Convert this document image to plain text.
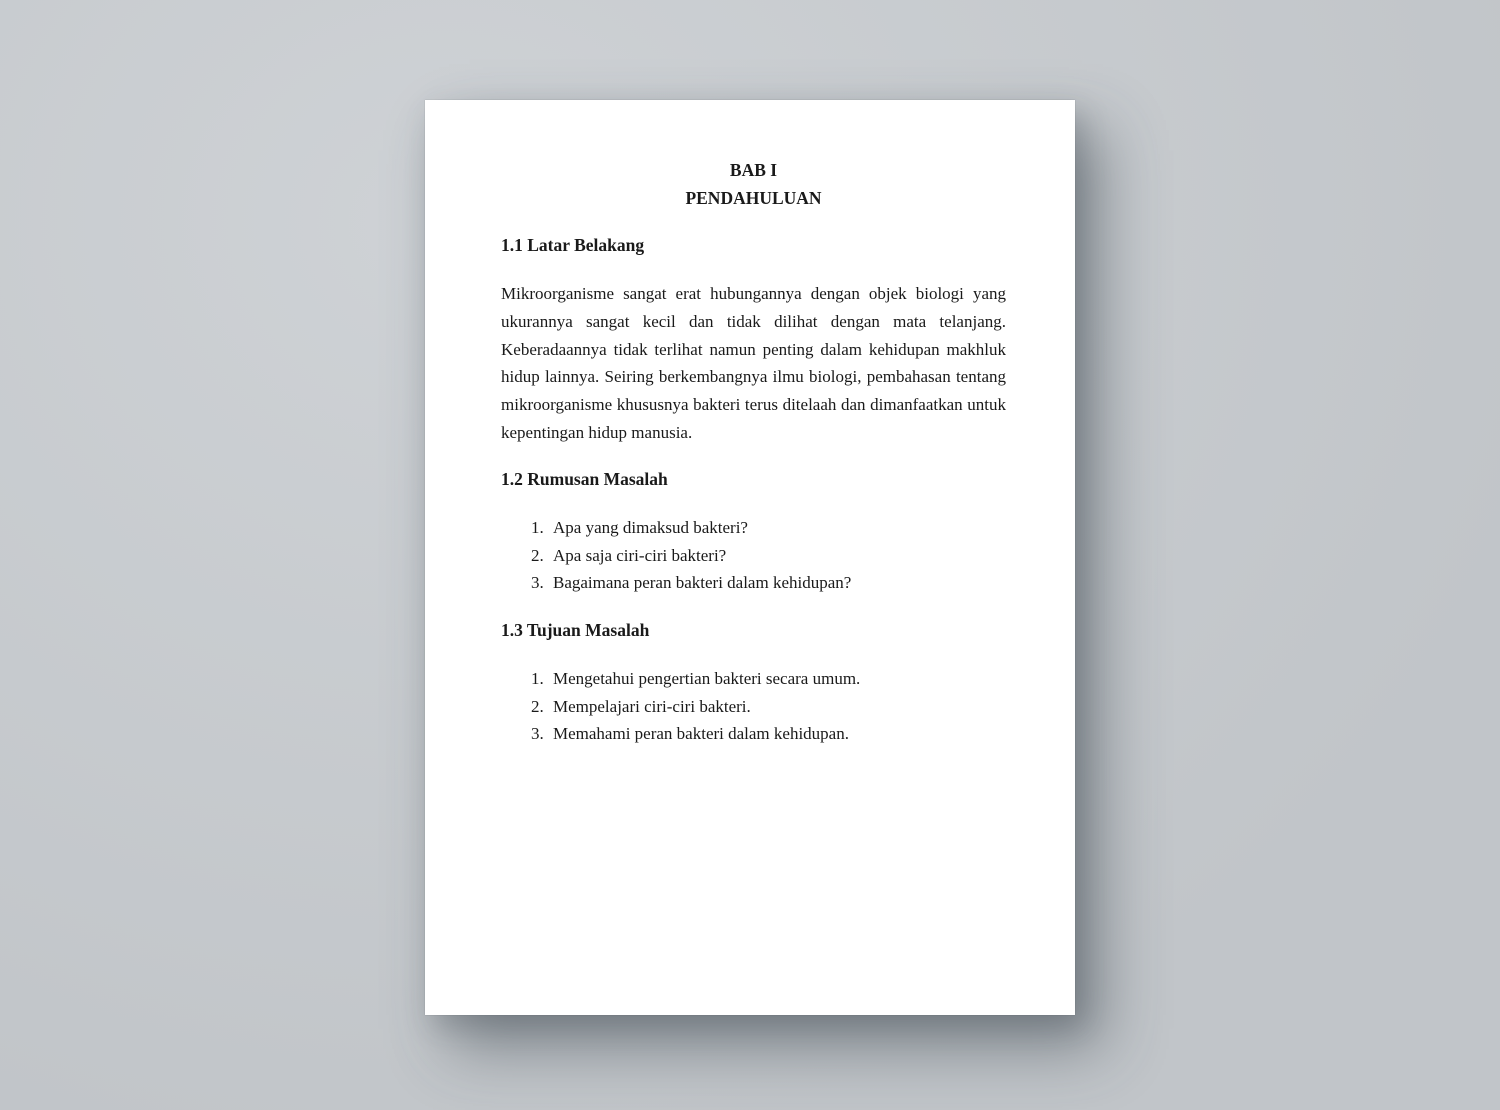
BAB I
PENDAHULUAN
1.1 Latar Belakang

Mikroorganisme sangat erat hubungannya dengan objek biologi yang ukurannya sangat kecil dan tidak dilihat dengan mata telanjang. Keberadaannya tidak terlihat namun penting dalam kehidupan makhluk hidup lainnya. Seiring berkembangnya ilmu biologi, pembahasan tentang mikroorganisme khususnya bakteri terus ditelaah dan dimanfaatkan untuk kepentingan hidup manusia.

1.2 Rumusan Masalah
1. Apa yang dimaksud bakteri?
2. Apa saja ciri-ciri bakteri?
3. Bagaimana peran bakteri dalam kehidupan?
1.3 Tujuan Masalah
1. Mengetahui pengertian bakteri secara umum.
2. Mempelajari ciri-ciri bakteri.
3. Memahami peran bakteri dalam kehidupan.
